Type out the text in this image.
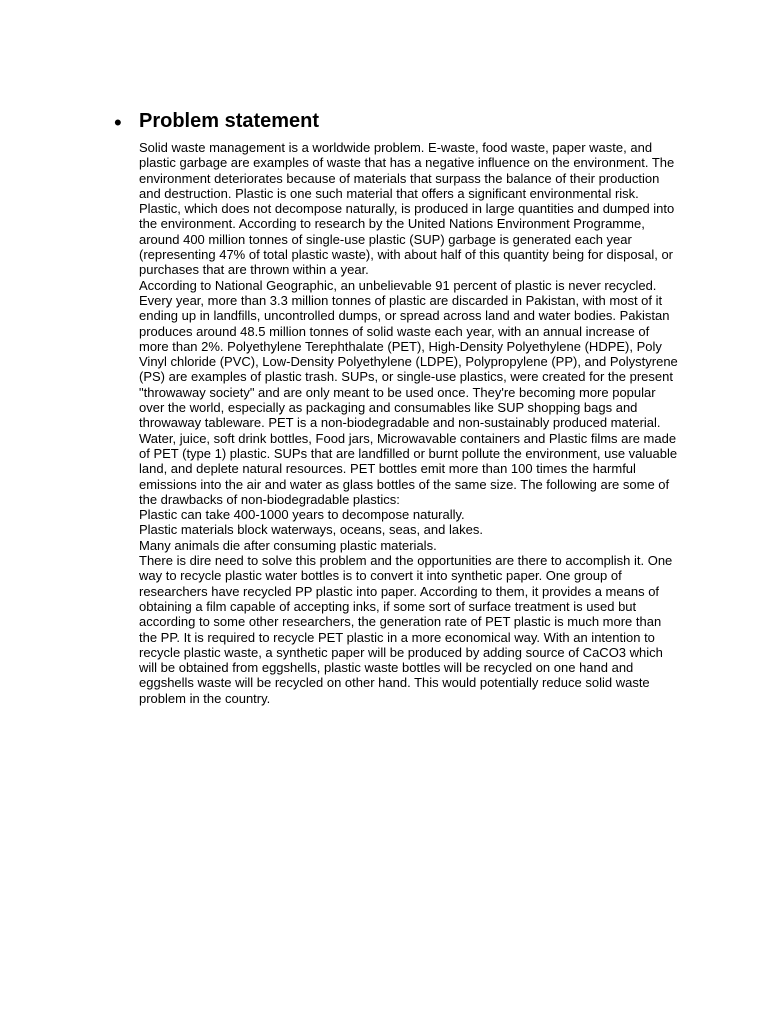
• Problem statement

Solid waste management is a worldwide problem. E-waste, food waste, paper waste, and plastic garbage are examples of waste that has a negative influence on the environment. The environment deteriorates because of materials that surpass the balance of their production and destruction. Plastic is one such material that offers a significant environmental risk. Plastic, which does not decompose naturally, is produced in large quantities and dumped into the environment. According to research by the United Nations Environment Programme, around 400 million tonnes of single-use plastic (SUP) garbage is generated each year (representing 47% of total plastic waste), with about half of this quantity being for disposal, or purchases that are thrown within a year.

According to National Geographic, an unbelievable 91 percent of plastic is never recycled. Every year, more than 3.3 million tonnes of plastic are discarded in Pakistan, with most of it ending up in landfills, uncontrolled dumps, or spread across land and water bodies. Pakistan produces around 48.5 million tonnes of solid waste each year, with an annual increase of more than 2%. Polyethylene Terephthalate (PET), High-Density Polyethylene (HDPE), Poly Vinyl chloride (PVC), Low-Density Polyethylene (LDPE), Polypropylene (PP), and Polystyrene (PS) are examples of plastic trash. SUPs, or single-use plastics, were created for the present "throwaway society" and are only meant to be used once. They're becoming more popular over the world, especially as packaging and consumables like SUP shopping bags and throwaway tableware. PET is a non-biodegradable and non-sustainably produced material. Water, juice, soft drink bottles, Food jars, Microwavable containers and Plastic films are made of PET (type 1) plastic. SUPs that are landfilled or burnt pollute the environment, use valuable land, and deplete natural resources. PET bottles emit more than 100 times the harmful emissions into the air and water as glass bottles of the same size. The following are some of the drawbacks of non-biodegradable plastics:

Plastic can take 400-1000 years to decompose naturally.

Plastic materials block waterways, oceans, seas, and lakes.

Many animals die after consuming plastic materials.

There is dire need to solve this problem and the opportunities are there to accomplish it. One way to recycle plastic water bottles is to convert it into synthetic paper. One group of researchers have recycled PP plastic into paper. According to them, it provides a means of obtaining a film capable of accepting inks, if some sort of surface treatment is used but according to some other researchers, the generation rate of PET plastic is much more than the PP. It is required to recycle PET plastic in a more economical way. With an intention to recycle plastic waste, a synthetic paper will be produced by adding source of CaCO3 which will be obtained from eggshells, plastic waste bottles will be recycled on one hand and eggshells waste will be recycled on other hand. This would potentially reduce solid waste problem in the country.
